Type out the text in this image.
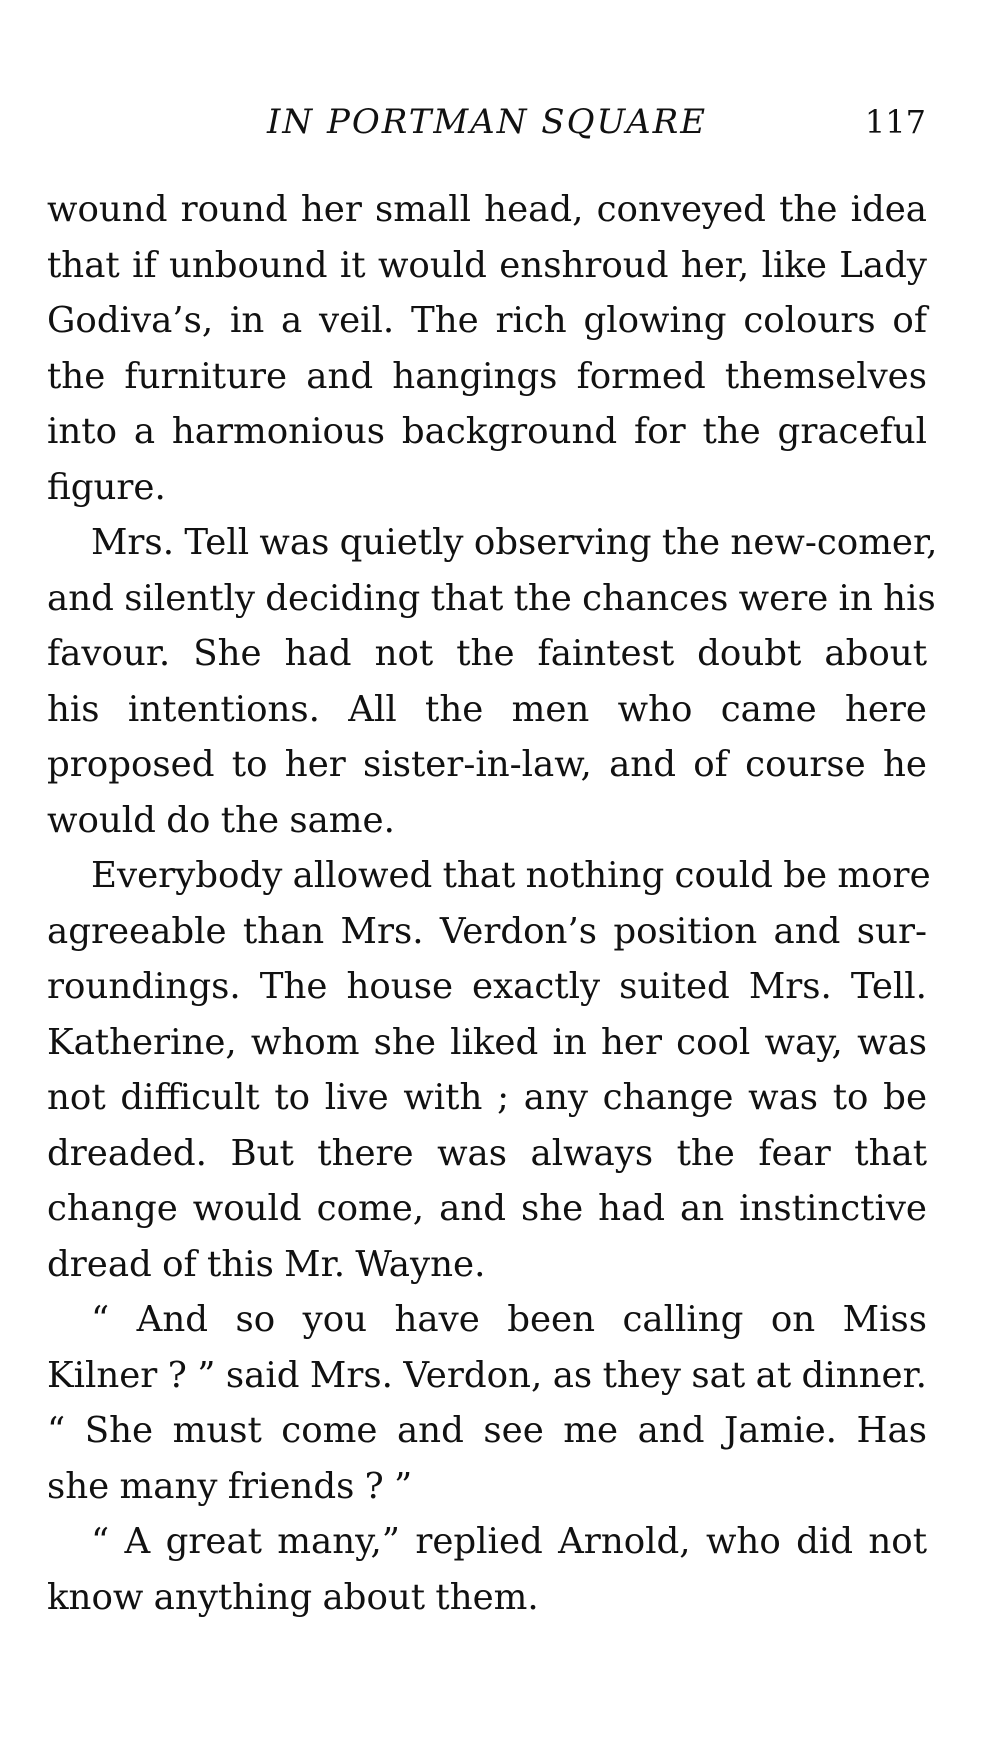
IN PORTMAN SQUARE	117
wound round her small head, conveyed the idea
that if unbound it would enshroud her, like Lady
Godiva’s, in a veil. The rich glowing colours of
the furniture and hangings formed themselves
into a harmonious background for the graceful
figure.
Mrs. Tell was quietly observing the new-comer,
and silently deciding that the chances were in his
favour. She had not the faintest doubt about
his intentions. All the men who came here
proposed to her sister-in-law, and of course he
would do the same.
Everybody allowed that nothing could be more
agreeable than Mrs. Verdon’s position and sur-
roundings. The house exactly suited Mrs. Tell.
Katherine, whom she liked in her cool way, was
not difficult to live with ; any change was to be
dreaded. But there was always the fear that
change would come, and she had an instinctive
dread of this Mr. Wayne.
“ And so you have been calling on Miss
Kilner ? ” said Mrs. Verdon, as they sat at dinner.
“ She must come and see me and Jamie. Has
she many friends ? ”
“ A great many,” replied Arnold, who did not
know anything about them.
